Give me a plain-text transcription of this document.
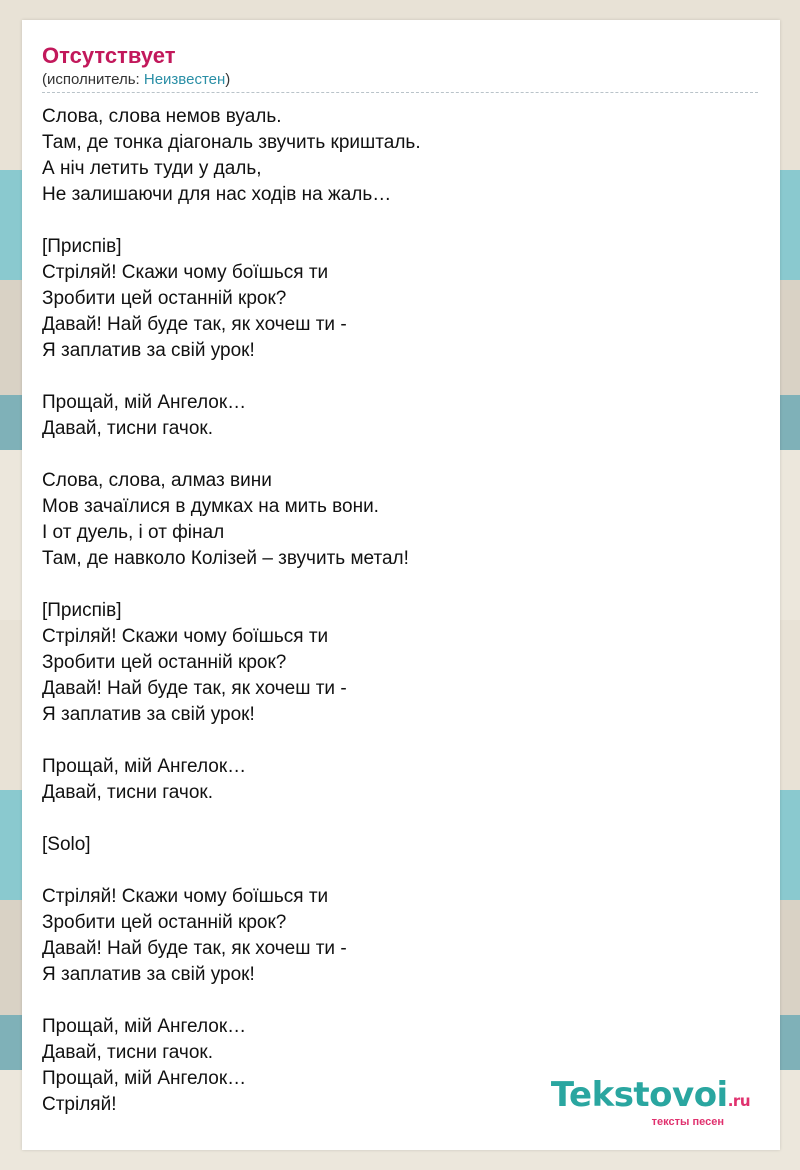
Отсутствует
(исполнитель: Неизвестен)
Слова, слова немов вуаль.
Там, де тонка діагональ звучить кришталь.
А ніч летить туди у даль,
Не залишаючи для нас ходів на жаль…
[Приспів]
Стріляй! Скажи чому боїшься ти
Зробити цей останній крок?
Давай! Най буде так, як хочеш ти -
Я заплатив за свій урок!
Прощай, мій Ангелок…
Давай, тисни гачок.
Слова, слова, алмаз вини
Мов зачаїлися в думках на мить вони.
І от дуель, і от фінал
Там, де навколо Колізей – звучить метал!
[Приспів]
Стріляй! Скажи чому боїшься ти
Зробити цей останній крок?
Давай! Най буде так, як хочеш ти -
Я заплатив за свій урок!
Прощай, мій Ангелок…
Давай, тисни гачок.
[Solo]
Стріляй! Скажи чому боїшься ти
Зробити цей останній крок?
Давай! Най буде так, як хочеш ти -
Я заплатив за свій урок!
Прощай, мій Ангелок…
Давай, тисни гачок.
Прощай, мій Ангелок…
Стріляй!	Tekstovoi.ru
тексты песен
